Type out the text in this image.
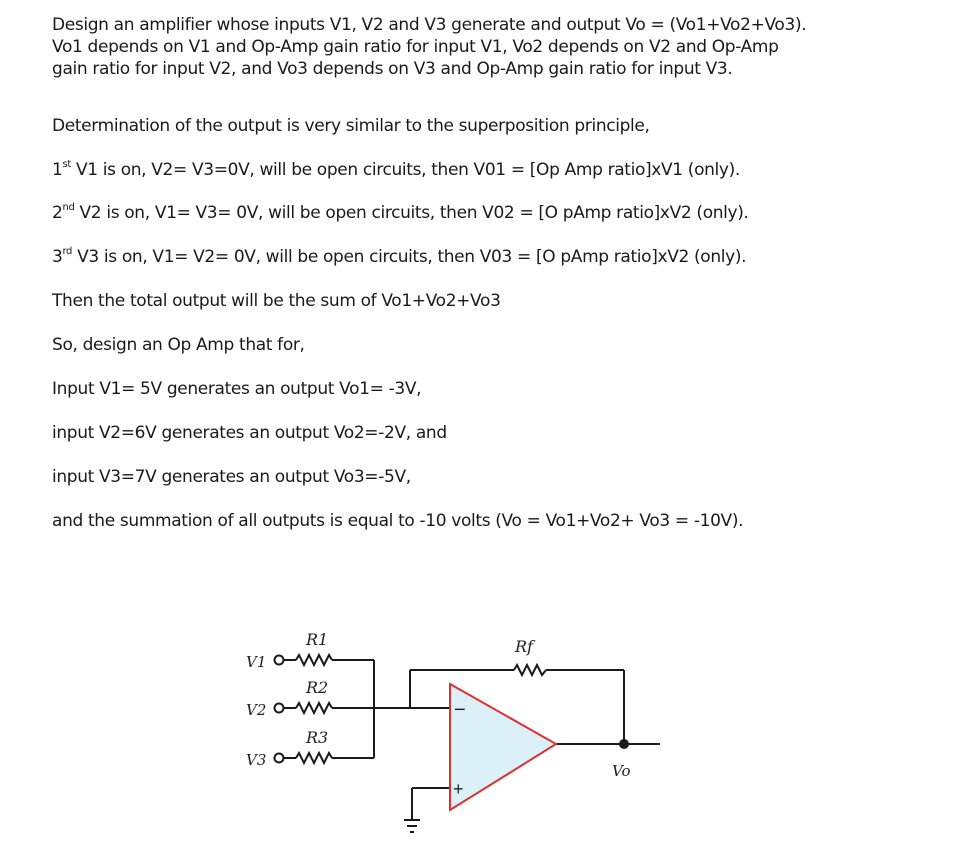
Design an amplifier whose inputs V1, V2 and V3 generate and output Vo = (Vo1+Vo2+Vo3).
Vo1 depends on V1 and Op-Amp gain ratio for input V1, Vo2 depends on V2 and Op-Amp
gain ratio for input V2, and Vo3 depends on V3 and Op-Amp gain ratio for input V3.
Determination of the output is very similar to the superposition principle,
1st V1 is on, V2= V3=0V, will be open circuits, then V01 = [Op Amp ratio]xV1 (only).
2nd V2 is on, V1= V3= 0V, will be open circuits, then V02 = [O pAmp ratio]xV2 (only).
3rd V3 is on, V1= V2= 0V, will be open circuits, then V03 = [O pAmp ratio]xV2 (only).
Then the total output will be the sum of Vo1+Vo2+Vo3
So, design an Op Amp that for,
Input V1= 5V generates an output Vo1= -3V,
input V2=6V generates an output Vo2=-2V, and
input V3=7V generates an output Vo3=-5V,
and the summation of all outputs is equal to -10 volts (Vo = Vo1+Vo2+ Vo3 = -10V).
V1
V2
V3
R1
R2
R3
Rf
Vo
−
+
